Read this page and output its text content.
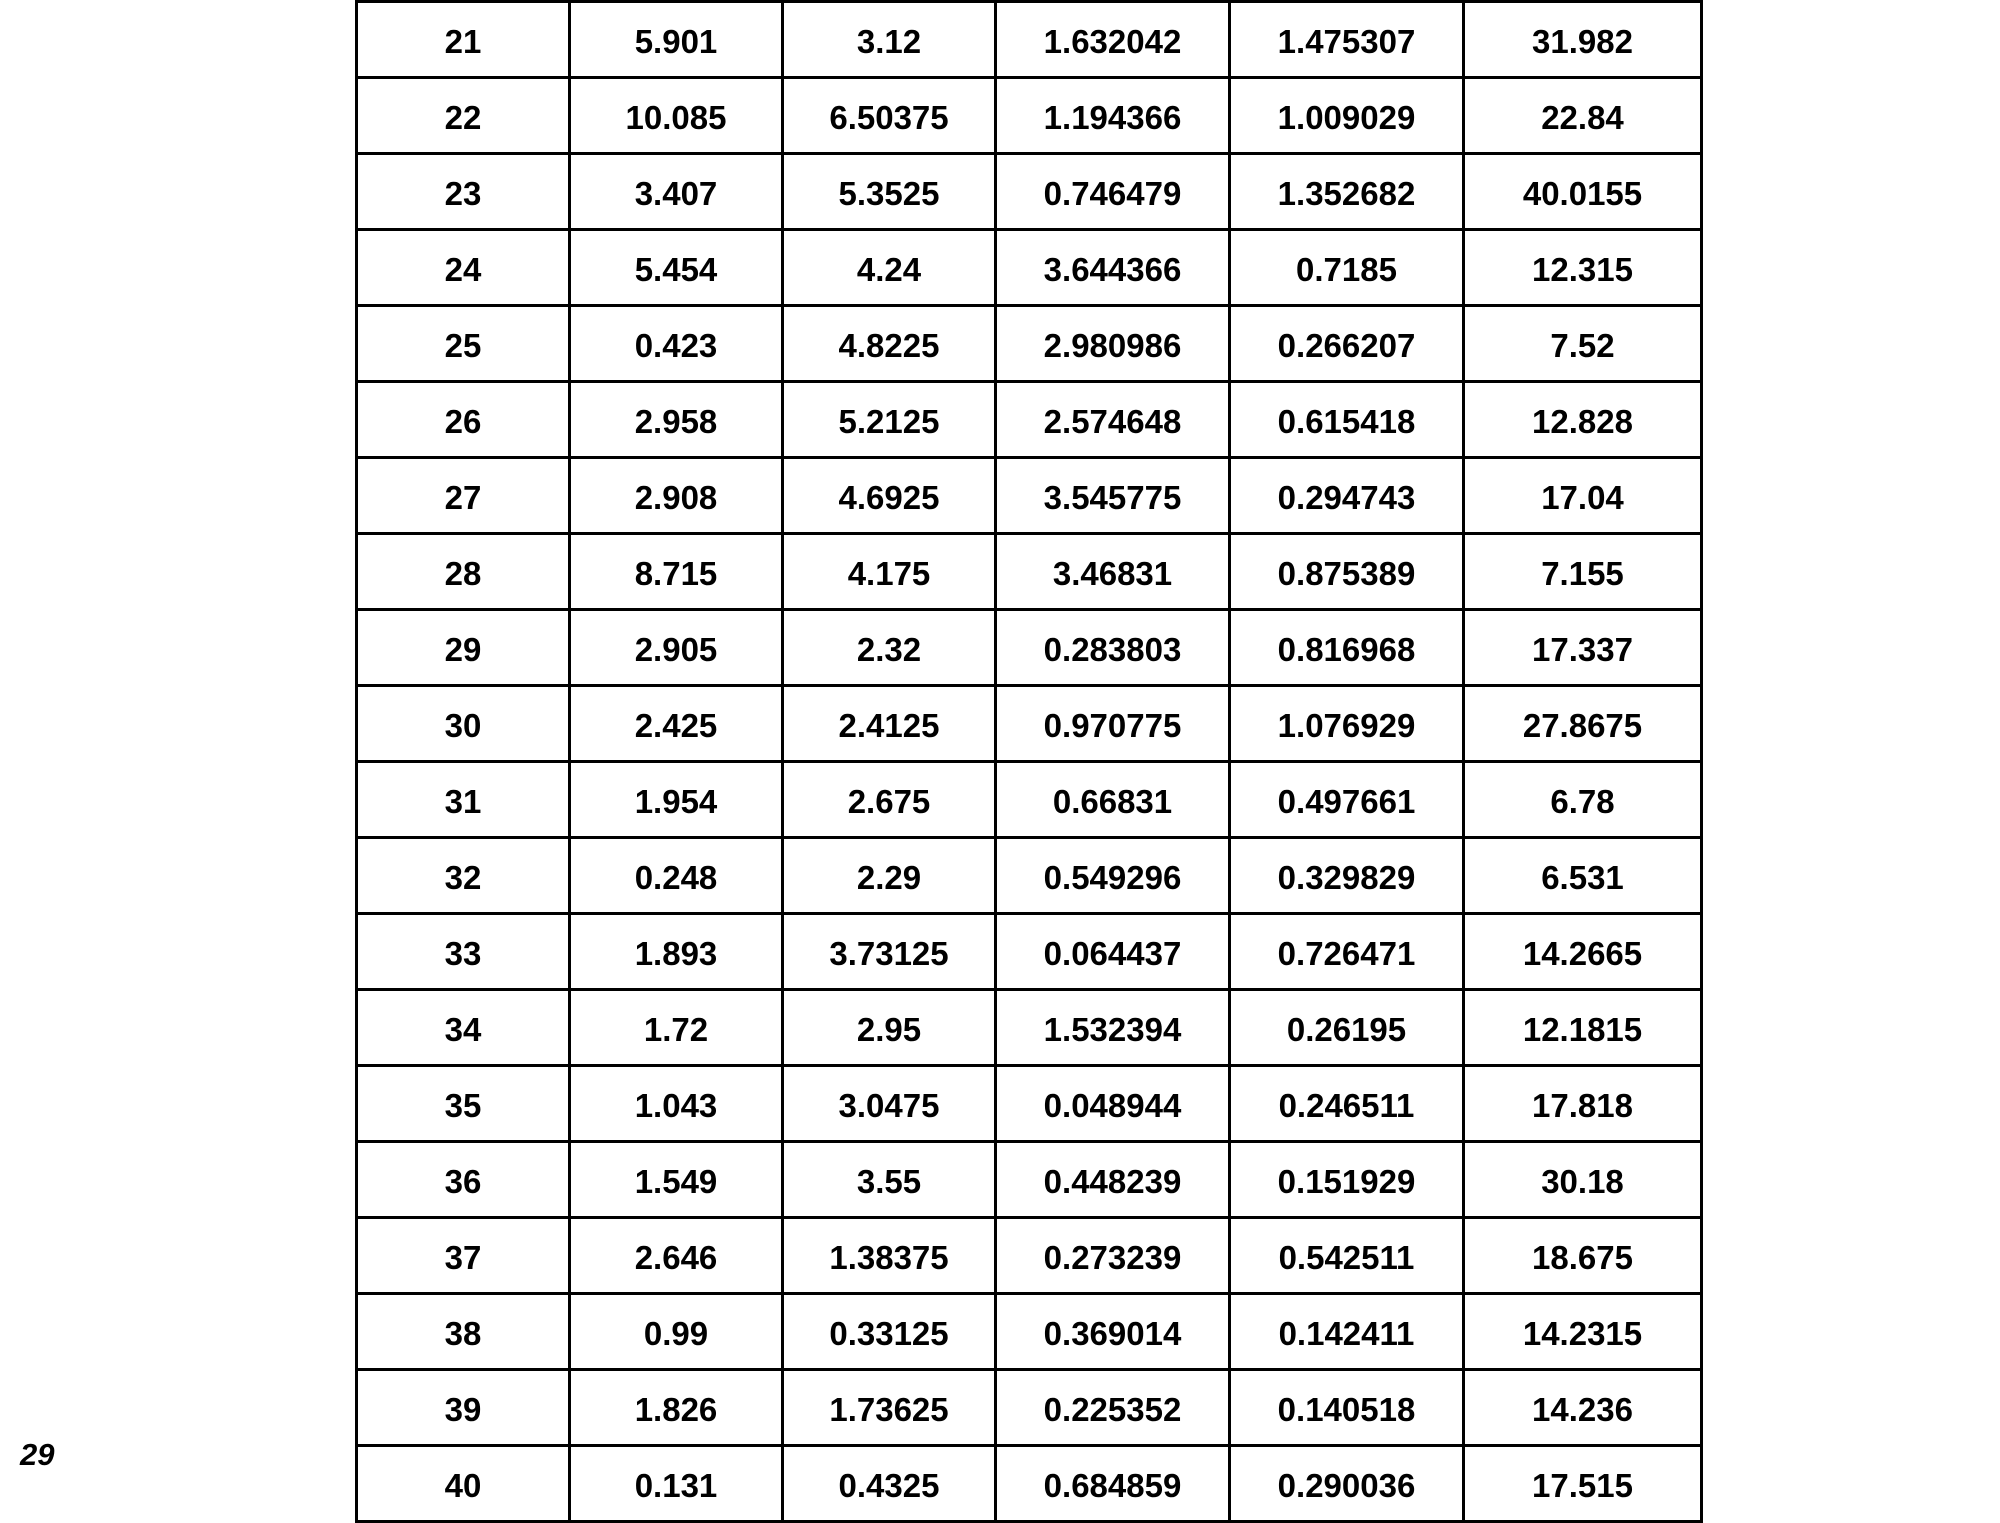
21	5.901	3.12	1.632042	1.475307	31.982
22	10.085	6.50375	1.194366	1.009029	22.84
23	3.407	5.3525	0.746479	1.352682	40.0155
24	5.454	4.24	3.644366	0.7185	12.315
25	0.423	4.8225	2.980986	0.266207	7.52
26	2.958	5.2125	2.574648	0.615418	12.828
27	2.908	4.6925	3.545775	0.294743	17.04
28	8.715	4.175	3.46831	0.875389	7.155
29	2.905	2.32	0.283803	0.816968	17.337
30	2.425	2.4125	0.970775	1.076929	27.8675
31	1.954	2.675	0.66831	0.497661	6.78
32	0.248	2.29	0.549296	0.329829	6.531
33	1.893	3.73125	0.064437	0.726471	14.2665
34	1.72	2.95	1.532394	0.26195	12.1815
35	1.043	3.0475	0.048944	0.246511	17.818
36	1.549	3.55	0.448239	0.151929	30.18
37	2.646	1.38375	0.273239	0.542511	18.675
38	0.99	0.33125	0.369014	0.142411	14.2315
39	1.826	1.73625	0.225352	0.140518	14.236
40	0.131	0.4325	0.684859	0.290036	17.515
29
